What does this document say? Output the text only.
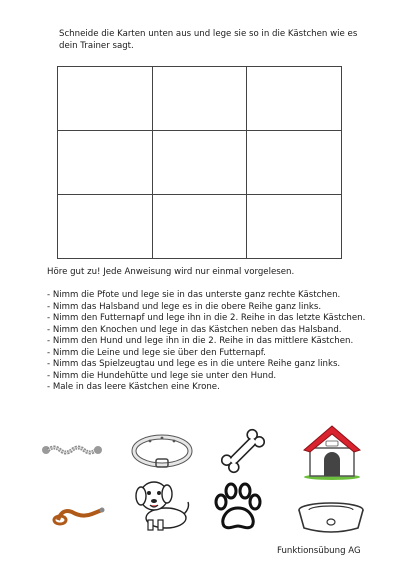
Schneide die Karten unten aus und lege sie so in die Kästchen wie es dein Trainer sagt.

Höre gut zu! Jede Anweisung wird nur einmal vorgelesen.
- Nimm die Pfote und lege sie in das unterste ganz rechte Kästchen.
- Nimm das Halsband und lege es in die obere Reihe ganz links.
- Nimm den Futternapf und lege ihn in die 2. Reihe in das letzte Kästchen.
- Nimm den Knochen und lege in das Kästchen neben das Halsband.
- Nimm den Hund und lege ihn in die 2. Reihe in das mittlere Kästchen.
- Nimm die Leine und lege sie über den Futternapf.
- Nimm das Spielzeugtau und lege es in die untere Reihe ganz links.
- Nimm die Hundehütte und lege sie unter den Hund.
- Male in das leere Kästchen eine Krone.
Funktionsübung AG
